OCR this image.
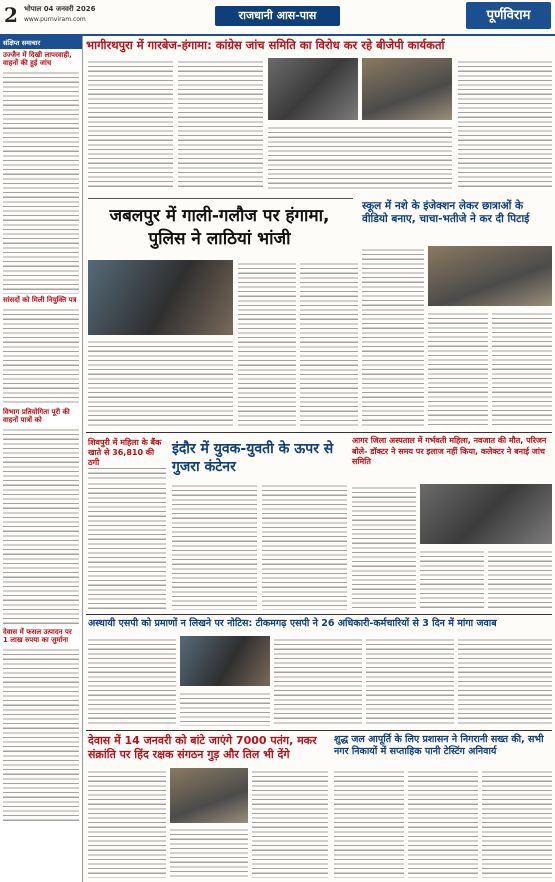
2 भोपाल 04 जनवरी 2026
www.purnviram.com	राजधानी आस-पास	पूर्णविराम
संक्षिप्त समाचार
उज्जैन में दिखी लापरवाही, वाहनों की हुई जांच
सांसदों को मिली नियुक्ति पत्र
विभाग प्रतियोगिता पूरी की वाहनों पात्रों को
देवास में फसल उत्पादन पर 1 लाख रुपया का जुर्माना
भागीरथपुरा में गारबेज-हंगामा: कांग्रेस जांच समिति का विरोध कर रहे बीजेपी कार्यकर्ता
जबलपुर में गाली-गलौज पर हंगामा, पुलिस ने लाठियां भांजी
स्कूल में नशे के इंजेक्शन लेकर छात्राओं के वीडियो बनाए, चाचा-भतीजे ने कर दी पिटाई
शिवपुरी में महिला के बैंक खाते से 36,810 की ठगी
इंदौर में युवक-युवती के ऊपर से गुजरा कंटेनर
आगर जिला अस्पताल में गर्भवती महिला, नवजात की मौत, परिजन बोले- डॉक्टर ने समय पर इलाज नहीं किया, कलेक्टर ने बनाई जांच समिति
अस्थायी एसपी को प्रमाणों न लिखने पर नोटिस: टीकमगढ़ एसपी ने 26 अधिकारी-कर्मचारियों से 3 दिन में मांगा जवाब
देवास में 14 जनवरी को बांटे जाएंगे 7000 पतंग, मकर संक्रांति पर हिंद रक्षक संगठन गुड़ और तिल भी देंगे
शुद्ध जल आपूर्ति के लिए प्रशासन ने निगरानी सख्त की, सभी नगर निकायों में सप्ताहिक पानी टेस्टिंग अनिवार्य
